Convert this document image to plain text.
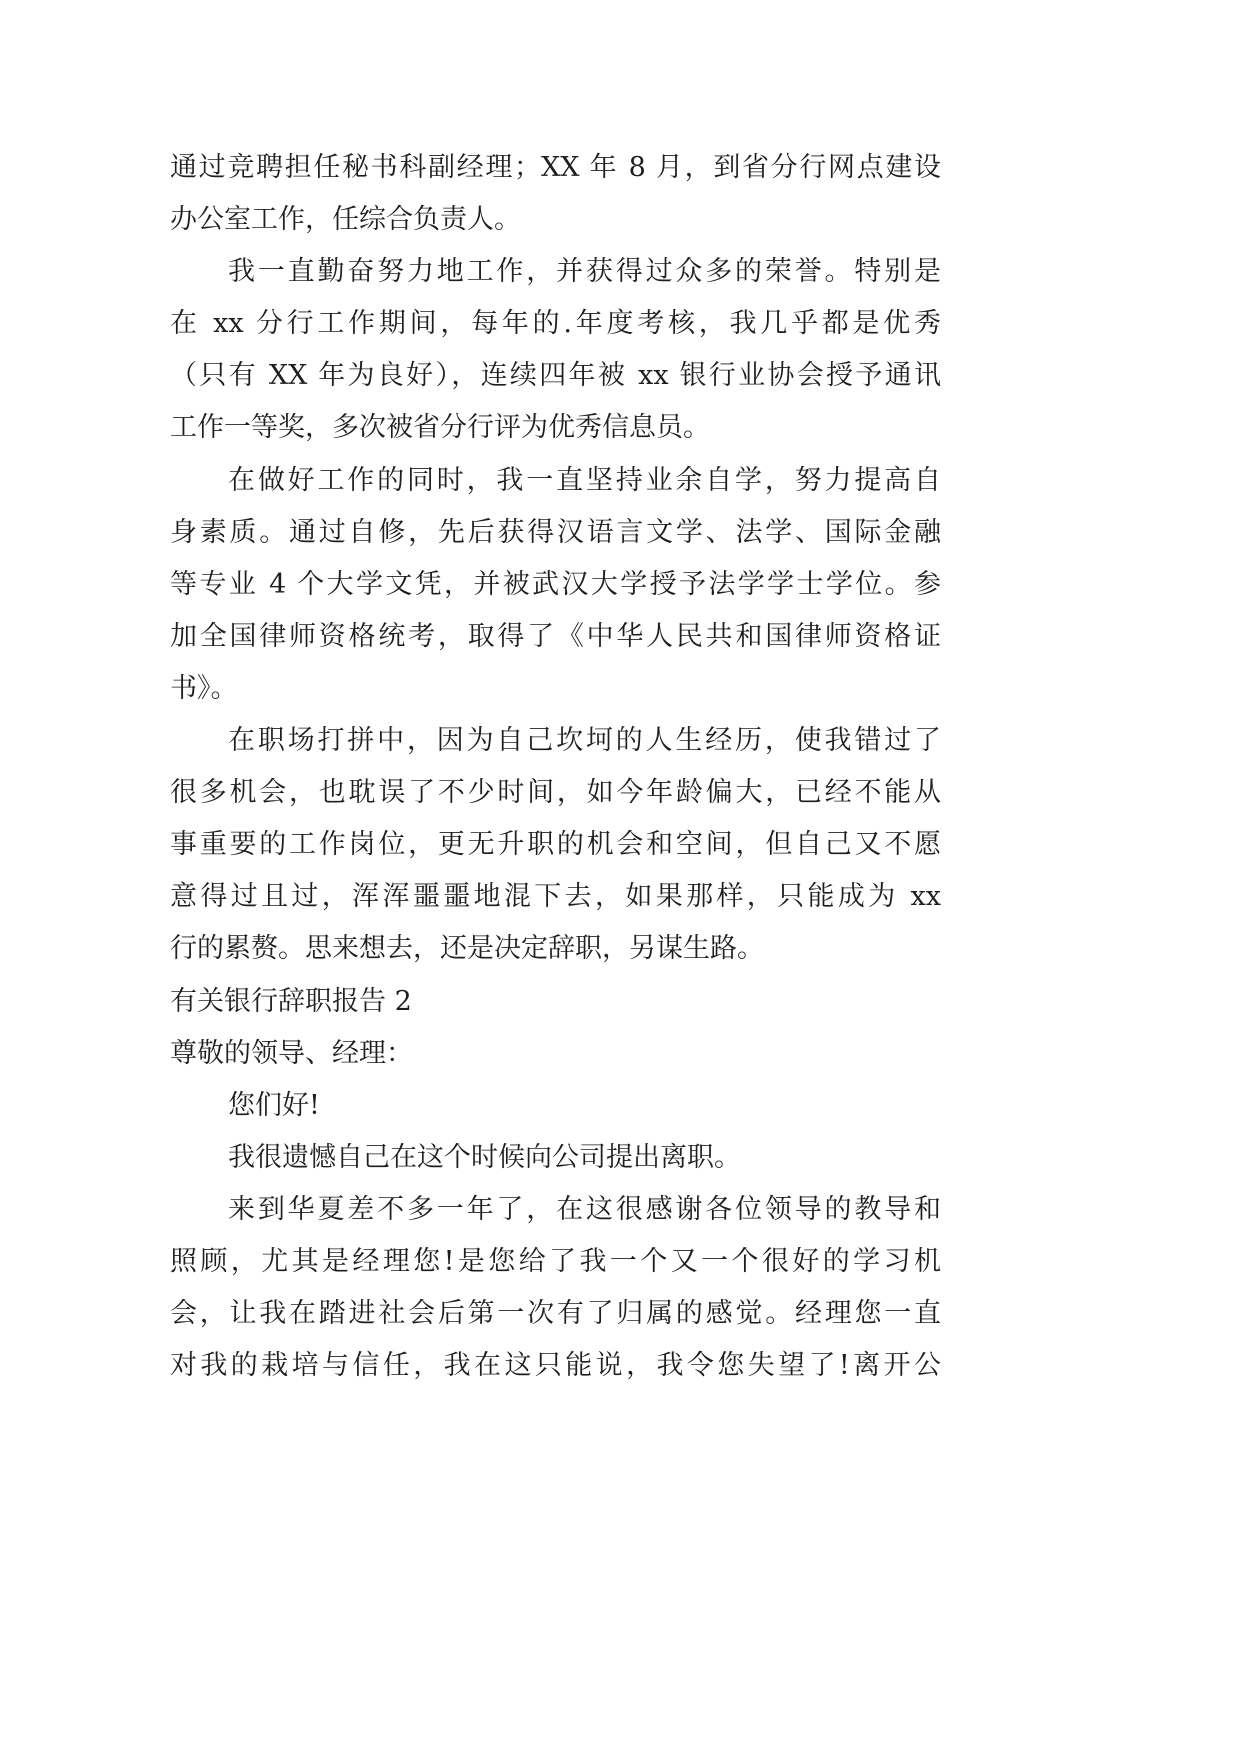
通过竞聘担任秘书科副经理；XX 年 8 月，到省分行网点建设
办公室工作，任综合负责人。
我一直勤奋努力地工作，并获得过众多的荣誉。特别是
在 xx 分行工作期间，每年的.年度考核，我几乎都是优秀
（只有 XX 年为良好），连续四年被 xx 银行业协会授予通讯
工作一等奖，多次被省分行评为优秀信息员。
在做好工作的同时，我一直坚持业余自学，努力提高自
身素质。通过自修，先后获得汉语言文学、法学、国际金融
等专业 4 个大学文凭，并被武汉大学授予法学学士学位。参
加全国律师资格统考，取得了《中华人民共和国律师资格证
书》。
在职场打拼中，因为自己坎坷的人生经历，使我错过了
很多机会，也耽误了不少时间，如今年龄偏大，已经不能从
事重要的工作岗位，更无升职的机会和空间，但自己又不愿
意得过且过，浑浑噩噩地混下去，如果那样，只能成为 xx
行的累赘。思来想去，还是决定辞职，另谋生路。
有关银行辞职报告 2
尊敬的领导、经理：
您们好!
我很遗憾自己在这个时候向公司提出离职。
来到华夏差不多一年了，在这很感谢各位领导的教导和
照顾，尤其是经理您!是您给了我一个又一个很好的学习机
会，让我在踏进社会后第一次有了归属的感觉。经理您一直
对我的栽培与信任，我在这只能说，我令您失望了!离开公
